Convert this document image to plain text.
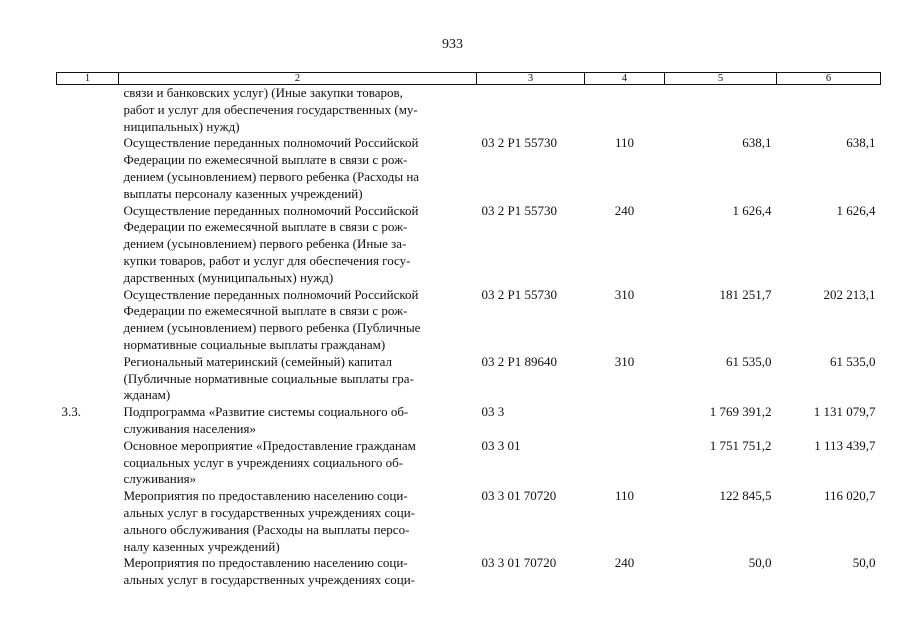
933
1	2	3	4	5	6
	связи и банковских услуг) (Иные закупки товаров,
работ и услуг для обеспечения государственных (му-
ниципальных) нужд)				
	Осуществление переданных полномочий Российской
Федерации по ежемесячной выплате в связи с рож-
дением (усыновлением) первого ребенка (Расходы на
выплаты персоналу казенных учреждений)	03 2 P1 55730	110	638,1	638,1
	Осуществление переданных полномочий Российской
Федерации по ежемесячной выплате в связи с рож-
дением (усыновлением) первого ребенка (Иные за-
купки товаров, работ и услуг для обеспечения госу-
дарственных (муниципальных) нужд)	03 2 P1 55730	240	1 626,4	1 626,4
	Осуществление переданных полномочий Российской
Федерации по ежемесячной выплате в связи с рож-
дением (усыновлением) первого ребенка (Публичные
нормативные социальные выплаты гражданам)	03 2 P1 55730	310	181 251,7	202 213,1
	Региональный материнский (семейный) капитал
(Публичные нормативные социальные выплаты гра-
жданам)	03 2 P1 89640	310	61 535,0	61 535,0
3.3.	Подпрограмма «Развитие системы социального об-
служивания населения»	03 3		1 769 391,2	1 131 079,7
	Основное мероприятие «Предоставление гражданам
социальных услуг в учреждениях социального об-
служивания»	03 3 01		1 751 751,2	1 113 439,7
	Мероприятия по предоставлению населению соци-
альных услуг в государственных учреждениях соци-
ального обслуживания (Расходы на выплаты персо-
налу казенных учреждений)	03 3 01 70720	110	122 845,5	116 020,7
	Мероприятия по предоставлению населению соци-
альных услуг в государственных учреждениях соци-	03 3 01 70720	240	50,0	50,0
